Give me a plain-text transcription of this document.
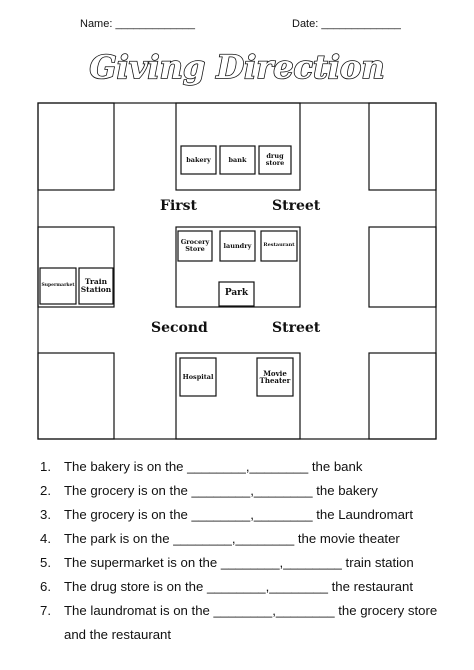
Name: _____________	Date: _____________
Giving Direction
bakery	bank	drug store
Grocery Store	laundry	Restaurant
Park
Supermarket	Train Station
Hospital	Movie Theater
First	Street
Second	Street
1. The bakery is on the ________,________ the bank
2. The grocery is on the ________,________ the bakery
3. The grocery is on the ________,________ the Laundromart
4. The park is on the ________,________ the movie theater
5. The supermarket is on the ________,________ train station
6. The drug store is on the ________,________ the restaurant
7. The laundromat is on the ________,________ the grocery store and the restaurant
